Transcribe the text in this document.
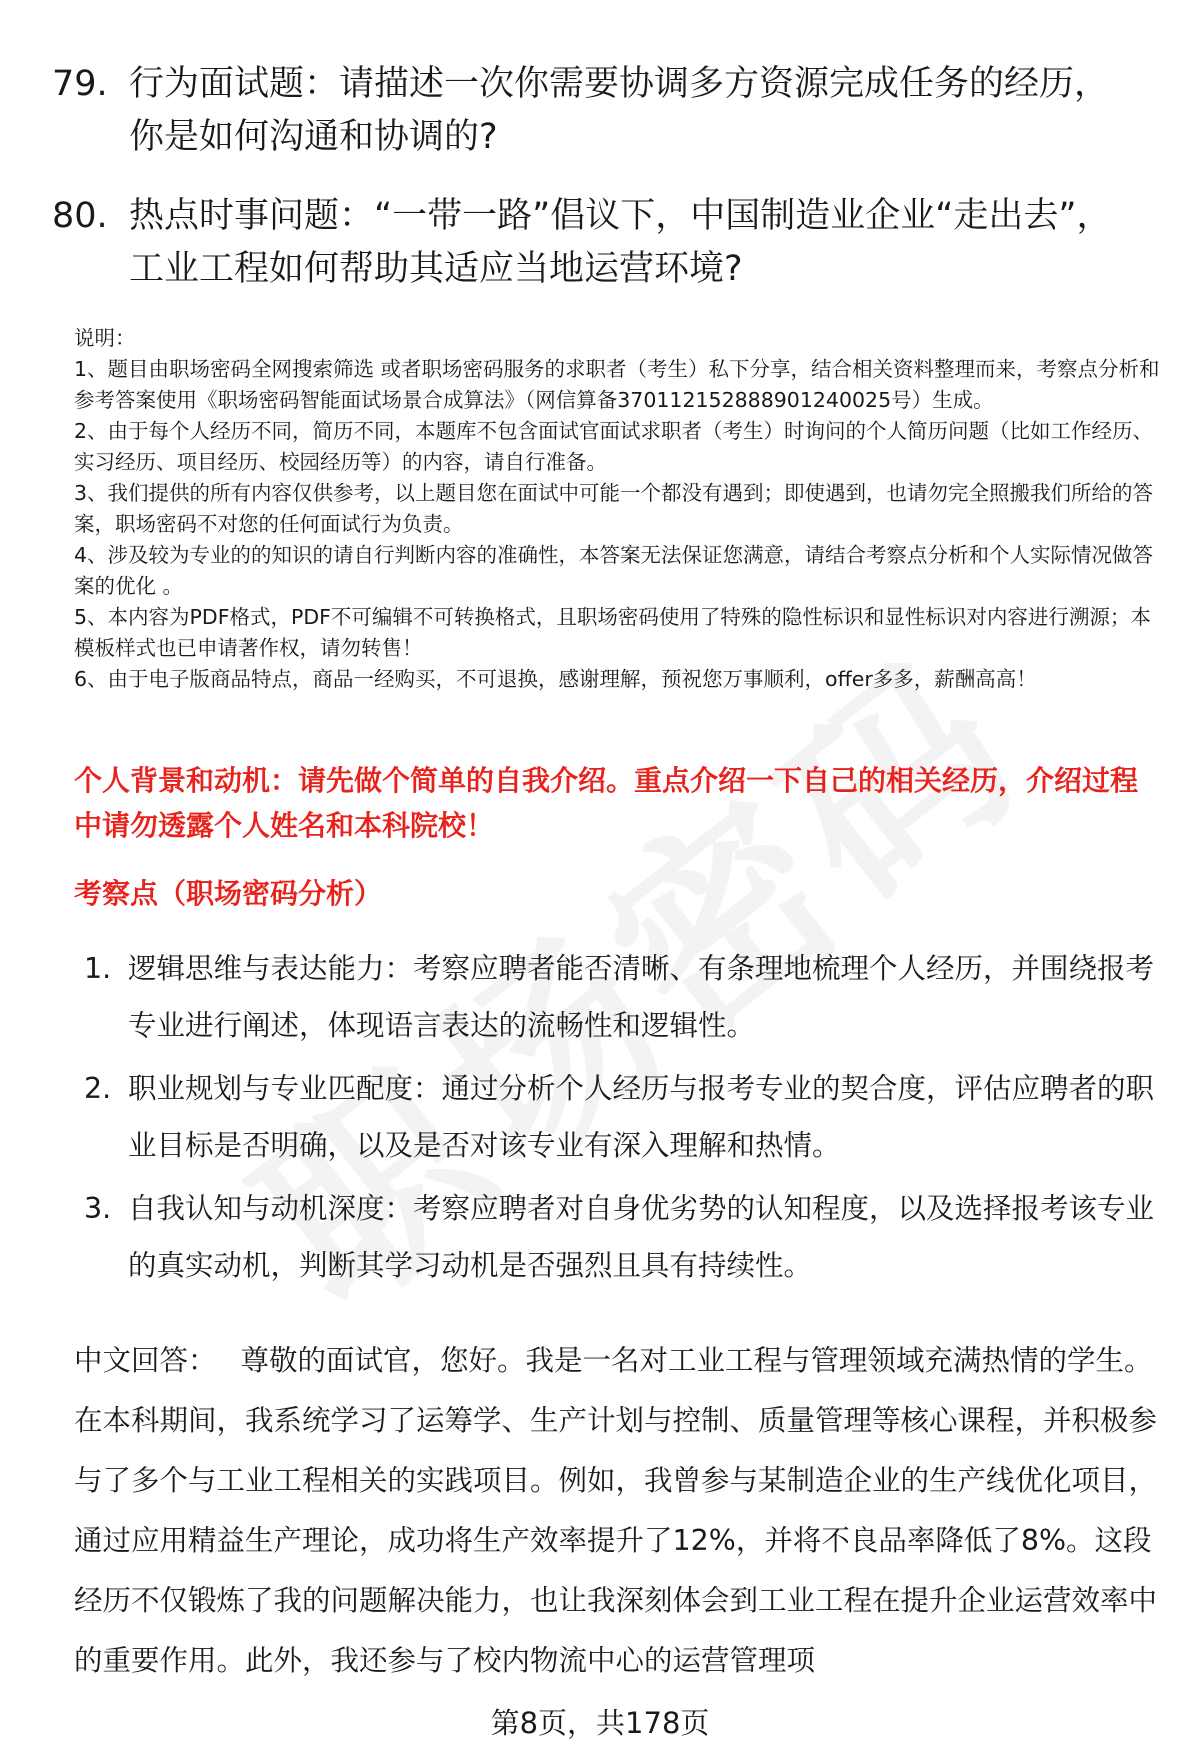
79. 行为面试题：请描述一次你需要协调多方资源完成任务的经历，你是如何沟通和协调的?
80. 热点时事问题：“一带一路”倡议下，中国制造业企业“走出去”，工业工程如何帮助其适应当地运营环境?

说明：

1、题目由职场密码全网搜索筛选 或者职场密码服务的求职者（考生）私下分享，结合相关资料整理而来，考察点分析和参考答案使用《职场密码智能面试场景合成算法》（网信算备370112152888901240025号）生成。

2、由于每个人经历不同，简历不同，本题库不包含面试官面试求职者（考生）时询问的个人简历问题（比如工作经历、实习经历、项目经历、校园经历等）的内容，请自行准备。

3、我们提供的所有内容仅供参考，以上题目您在面试中可能一个都没有遇到；即使遇到，也请勿完全照搬我们所给的答案，职场密码不对您的任何面试行为负责。

4、涉及较为专业的的知识的请自行判断内容的准确性，本答案无法保证您满意，请结合考察点分析和个人实际情况做答案的优化 。

5、本内容为PDF格式，PDF不可编辑不可转换格式，且职场密码使用了特殊的隐性标识和显性标识对内容进行溯源；本模板样式也已申请著作权，请勿转售！

6、由于电子版商品特点，商品一经购买，不可退换，感谢理解，预祝您万事顺利，offer多多，薪酬高高！

个人背景和动机：请先做个简单的自我介绍。重点介绍一下自己的相关经历，介绍过程中请勿透露个人姓名和本科院校！
考察点（职场密码分析）
1. 逻辑思维与表达能力：考察应聘者能否清晰、有条理地梳理个人经历，并围绕报考专业进行阐述，体现语言表达的流畅性和逻辑性。
2. 职业规划与专业匹配度：通过分析个人经历与报考专业的契合度，评估应聘者的职业目标是否明确，以及是否对该专业有深入理解和热情。
3. 自我认知与动机深度：考察应聘者对自身优劣势的认知程度，以及选择报考该专业的真实动机，判断其学习动机是否强烈且具有持续性。
中文回答： 尊敬的面试官，您好。我是一名对工业工程与管理领域充满热情的学生。在本科期间，我系统学习了运筹学、生产计划与控制、质量管理等核心课程，并积极参与了多个与工业工程相关的实践项目。例如，我曾参与某制造企业的生产线优化项目，通过应用精益生产理论，成功将生产效率提升了12%，并将不良品率降低了8%。这段经历不仅锻炼了我的问题解决能力，也让我深刻体会到工业工程在提升企业运营效率中的重要作用。此外，我还参与了校内物流中心的运营管理项
第8页，共178页
